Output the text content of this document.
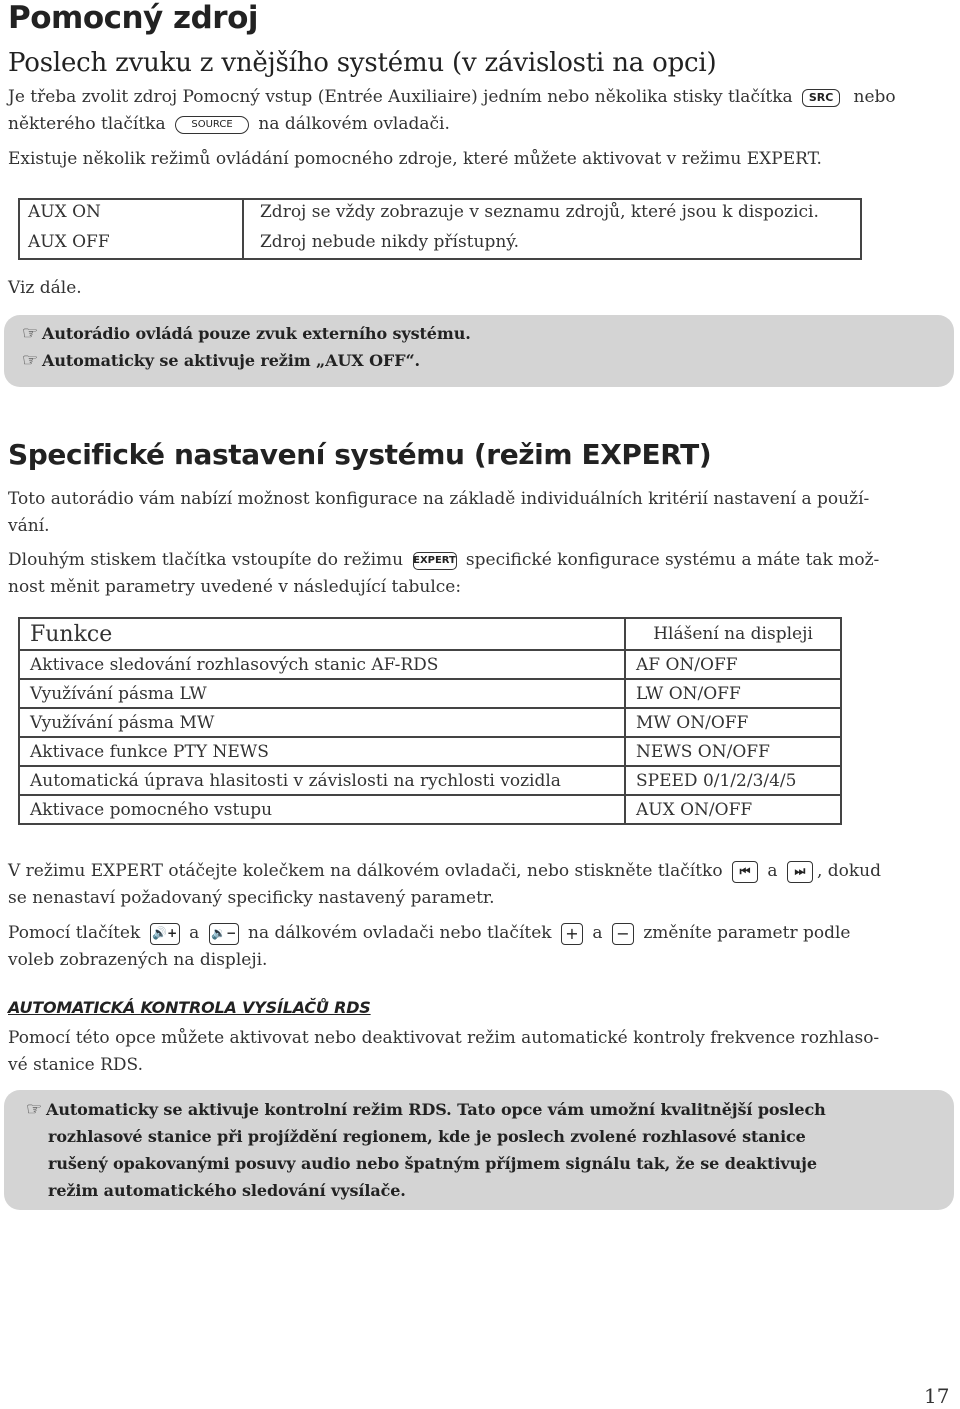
Pomocný zdroj
Poslech zvuku z vnějšího systému (v závislosti na opci)
Je třeba zvolit zdroj Pomocný vstup (Entrée Auxiliaire) jedním nebo několika stisky tlačítka SRC nebo
některého tlačítka	SOURCE na dálkovém ovladači.
Existuje několik režimů ovládání pomocného zdroje, které můžete aktivovat v režimu EXPERT.
AUX ON	Zdroj se vždy zobrazuje v seznamu zdrojů, které jsou k dispozici.
AUX OFF	Zdroj nebude nikdy přístupný.
Viz dále.
☞ Autorádio ovládá pouze zvuk externího systému.
☞ Automaticky se aktivuje režim „AUX OFF“.
Specifické nastavení systému (režim EXPERT)
Toto autorádio vám nabízí možnost konfigurace na základě individuálních kritérií nastavení a použí-
vání.
Dlouhým stiskem tlačítka vstoupíte do režimu EXPERT specifické konfigurace systému a máte tak mož-
nost měnit parametry uvedené v následující tabulce:
Funkce	Hlášení na displeji
Aktivace sledování rozhlasových stanic AF-RDS	AF ON/OFF
Využívání pásma LW	LW ON/OFF
Využívání pásma MW	MW ON/OFF
Aktivace funkce PTY NEWS	NEWS ON/OFF
Automatická úprava hlasitosti v závislosti na rychlosti vozidla	SPEED 0/1/2/3/4/5
Aktivace pomocného vstupu	AUX ON/OFF
V režimu EXPERT otáčejte kolečkem na dálkovém ovladači, nebo stiskněte tlačítko ⏮ a ⏭ , dokud
se nenastaví požadovaný specificky nastavený parametr.
Pomocí tlačítek 🔊+ a 🔉− na dálkovém ovladači nebo tlačítek + a − změníte parametr podle
voleb zobrazených na displeji.
AUTOMATICKÁ KONTROLA VYSÍLAČŮ RDS
Pomocí této opce můžete aktivovat nebo deaktivovat režim automatické kontroly frekvence rozhlaso-
vé stanice RDS.
☞ Automaticky se aktivuje kontrolní režim RDS. Tato opce vám umožní kvalitnější poslech
rozhlasové stanice při projíždění regionem, kde je poslech zvolené rozhlasové stanice
rušený opakovanými posuvy audio nebo špatným příjmem signálu tak, že se deaktivuje
režim automatického sledování vysílače.
17
